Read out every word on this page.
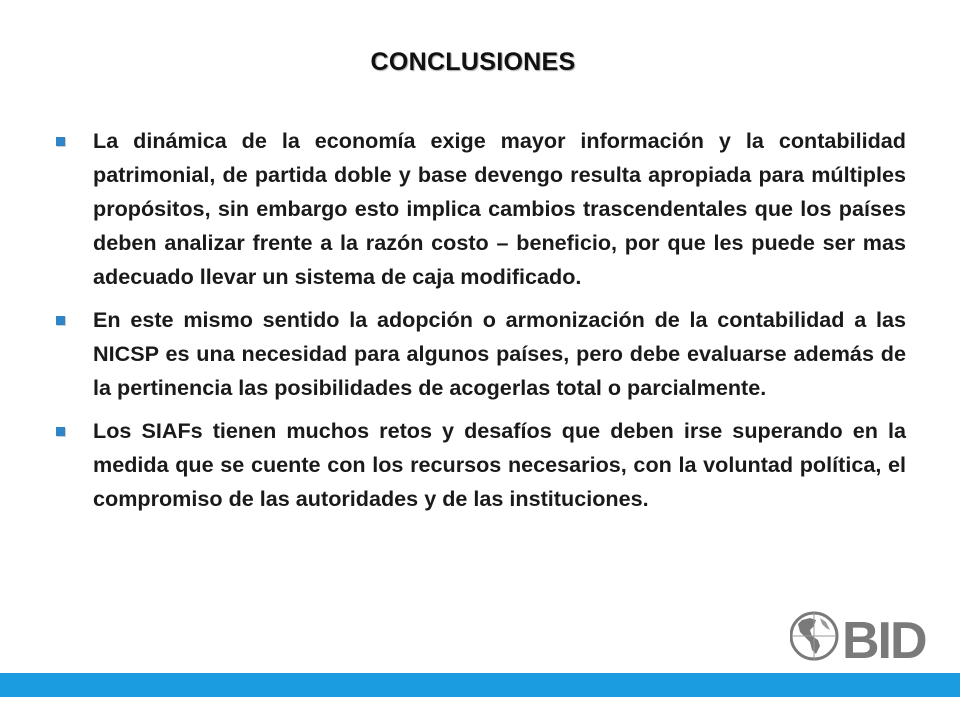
CONCLUSIONES
La dinámica de la economía exige mayor información y la contabilidad patrimonial, de partida doble y base devengo resulta apropiada para múltiples propósitos, sin embargo esto implica cambios trascendentales que los países deben analizar frente a la razón costo – beneficio, por que les puede ser mas adecuado llevar un sistema de caja modificado.
En este mismo sentido la adopción o armonización de la contabilidad a las NICSP es una necesidad para algunos países, pero debe evaluarse además de la pertinencia las posibilidades de acogerlas total o parcialmente.
Los SIAFs tienen muchos retos y desafíos que deben irse superando en la medida que se cuente con los recursos necesarios, con la voluntad política, el compromiso de las autoridades y de las instituciones.
BID
